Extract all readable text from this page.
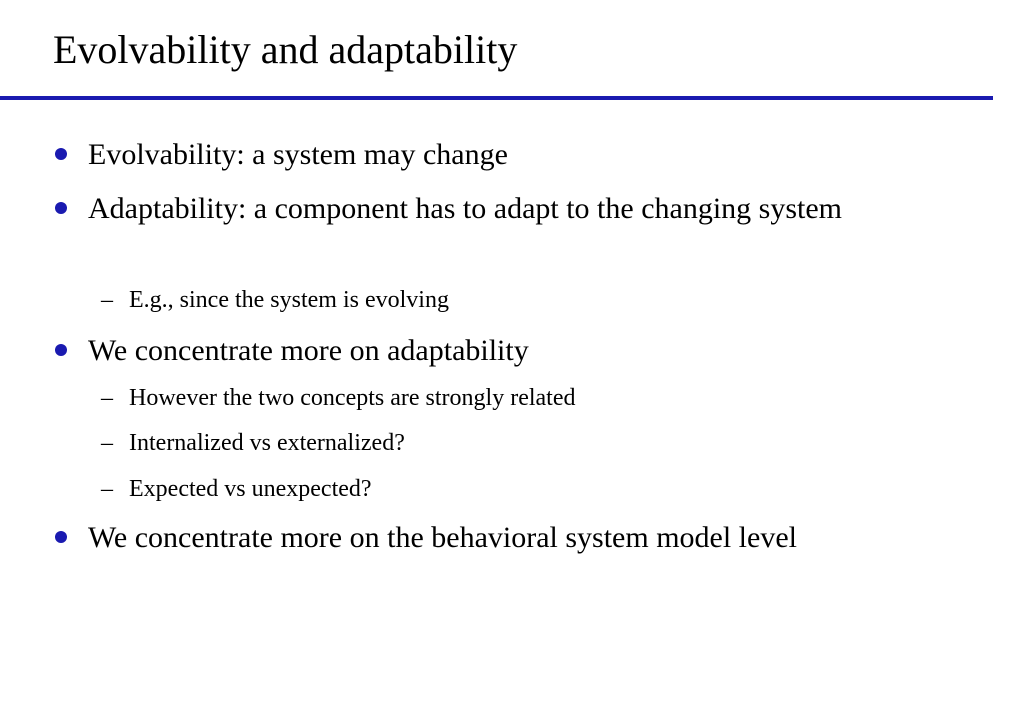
Evolvability and adaptability
Evolvability: a system may change
Adaptability: a component has to adapt to the changing system
– E.g., since the system is evolving
We concentrate more on adaptability
– However the two concepts are strongly related
– Internalized vs externalized?
– Expected vs unexpected?
We concentrate more on the behavioral system model level
